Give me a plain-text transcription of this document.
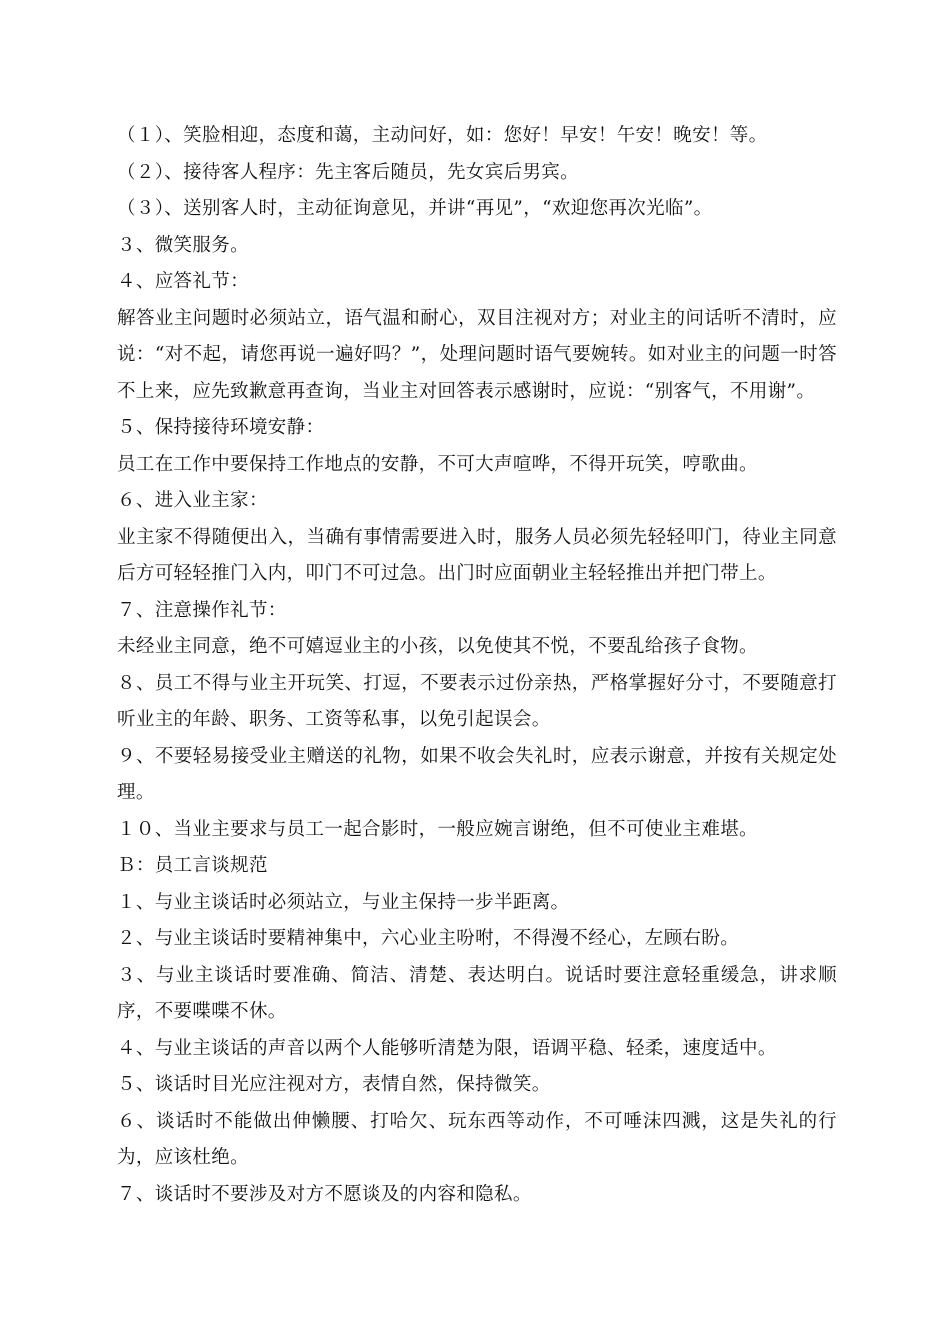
（１）、笑脸相迎，态度和蔼，主动问好，如：您好！早安！午安！晚安！等。

（２）、接待客人程序：先主客后随员，先女宾后男宾。

（３）、送别客人时，主动征询意见，并讲“再见”，“欢迎您再次光临”。

３、微笑服务。

４、应答礼节：

解答业主问题时必须站立，语气温和耐心，双目注视对方；对业主的问话听不清时，应说：“对不起，请您再说一遍好吗？”，处理问题时语气要婉转。如对业主的问题一时答不上来，应先致歉意再查询，当业主对回答表示感谢时，应说：“别客气，不用谢”。

５、保持接待环境安静：

员工在工作中要保持工作地点的安静，不可大声喧哗，不得开玩笑，哼歌曲。

６、进入业主家：

业主家不得随便出入，当确有事情需要进入时，服务人员必须先轻轻叩门，待业主同意后方可轻轻推门入内，叩门不可过急。出门时应面朝业主轻轻推出并把门带上。

７、注意操作礼节：

未经业主同意，绝不可嬉逗业主的小孩，以免使其不悦，不要乱给孩子食物。

８、员工不得与业主开玩笑、打逗，不要表示过份亲热，严格掌握好分寸，不要随意打听业主的年龄、职务、工资等私事，以免引起误会。

９、不要轻易接受业主赠送的礼物，如果不收会失礼时，应表示谢意，并按有关规定处理。

１０、当业主要求与员工一起合影时，一般应婉言谢绝，但不可使业主难堪。

Ｂ：员工言谈规范

１、与业主谈话时必须站立，与业主保持一步半距离。

２、与业主谈话时要精神集中，六心业主吩咐，不得漫不经心，左顾右盼。

３、与业主谈话时要准确、简洁、清楚、表达明白。说话时要注意轻重缓急，讲求顺序，不要喋喋不休。

４、与业主谈话的声音以两个人能够听清楚为限，语调平稳、轻柔，速度适中。

５、谈话时目光应注视对方，表情自然，保持微笑。

６、谈话时不能做出伸懒腰、打哈欠、玩东西等动作，不可唾沫四溅，这是失礼的行为，应该杜绝。

７、谈话时不要涉及对方不愿谈及的内容和隐私。
